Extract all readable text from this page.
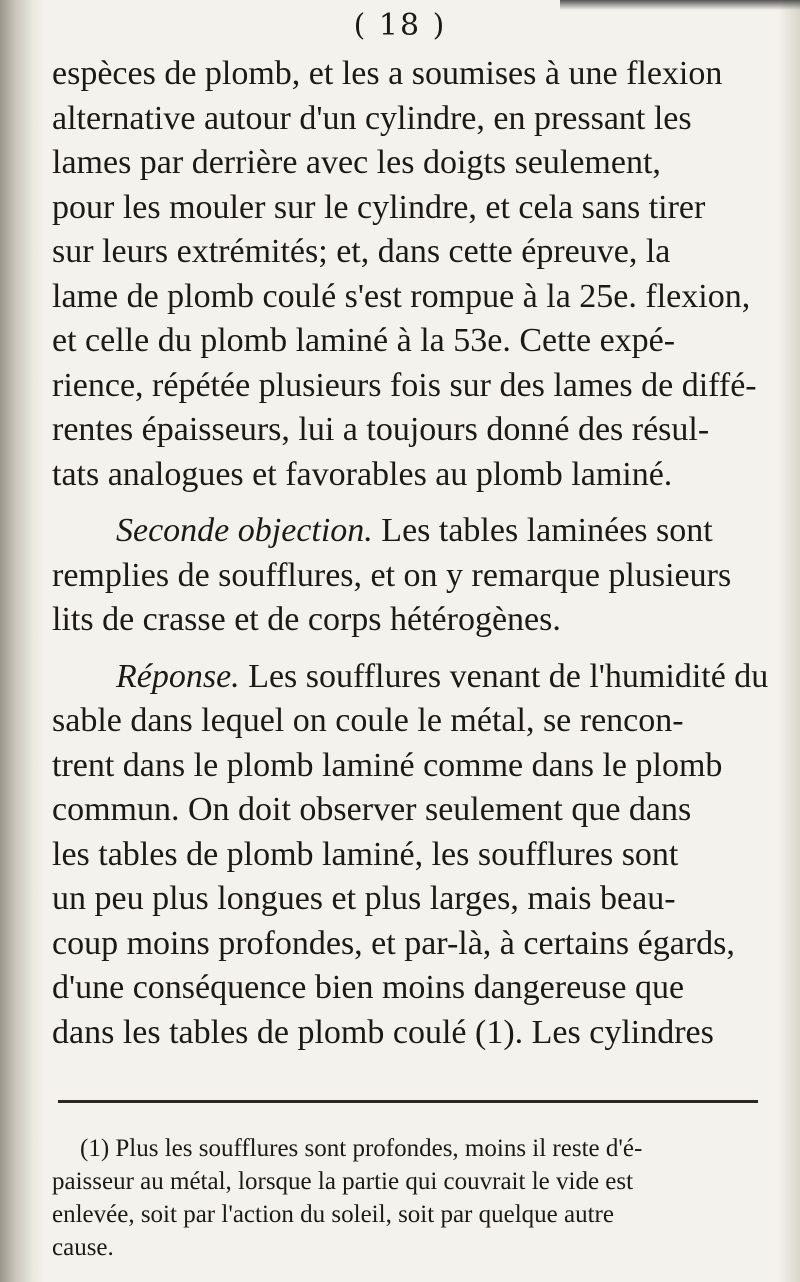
( 18 )
espèces de plomb, et les a soumises à une flexion
alternative autour d'un cylindre, en pressant les
lames par derrière avec les doigts seulement,
pour les mouler sur le cylindre, et cela sans tirer
sur leurs extrémités; et, dans cette épreuve, la
lame de plomb coulé s'est rompue à la 25e. flexion,
et celle du plomb laminé à la 53e. Cette expé-
rience, répétée plusieurs fois sur des lames de diffé-
rentes épaisseurs, lui a toujours donné des résul-
tats analogues et favorables au plomb laminé.
Seconde objection. Les tables laminées sont
remplies de soufflures, et on y remarque plusieurs
lits de crasse et de corps hétérogènes.
Réponse. Les soufflures venant de l'humidité du
sable dans lequel on coule le métal, se rencon-
trent dans le plomb laminé comme dans le plomb
commun. On doit observer seulement que dans
les tables de plomb laminé, les soufflures sont
un peu plus longues et plus larges, mais beau-
coup moins profondes, et par-là, à certains égards,
d'une conséquence bien moins dangereuse que
dans les tables de plomb coulé (1). Les cylindres
(1) Plus les soufflures sont profondes, moins il reste d'é-
paisseur au métal, lorsque la partie qui couvrait le vide est
enlevée, soit par l'action du soleil, soit par quelque autre
cause.
